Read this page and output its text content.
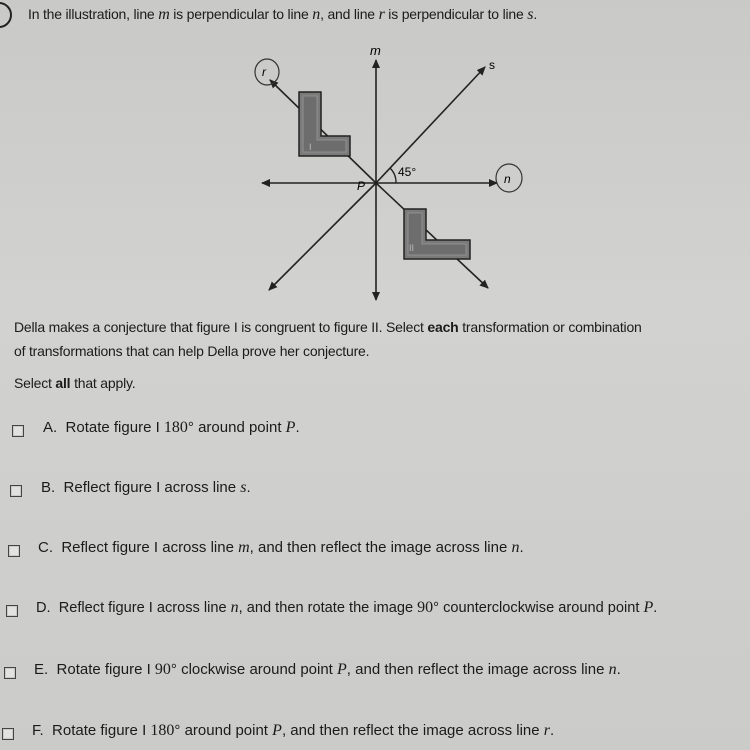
In the illustration, line m is perpendicular to line n, and line r is perpendicular to line s.
m
s
r
n
P
45°
I
II
Della makes a conjecture that figure I is congruent to figure II. Select each transformation or combination
of transformations that can help Della prove her conjecture.
Select all that apply.
A. Rotate figure I 180° around point P.
B. Reflect figure I across line s.
C. Reflect figure I across line m, and then reflect the image across line n.
D. Reflect figure I across line n, and then rotate the image 90° counterclockwise around point P.
E. Rotate figure I 90° clockwise around point P, and then reflect the image across line n.
F. Rotate figure I 180° around point P, and then reflect the image across line r.
